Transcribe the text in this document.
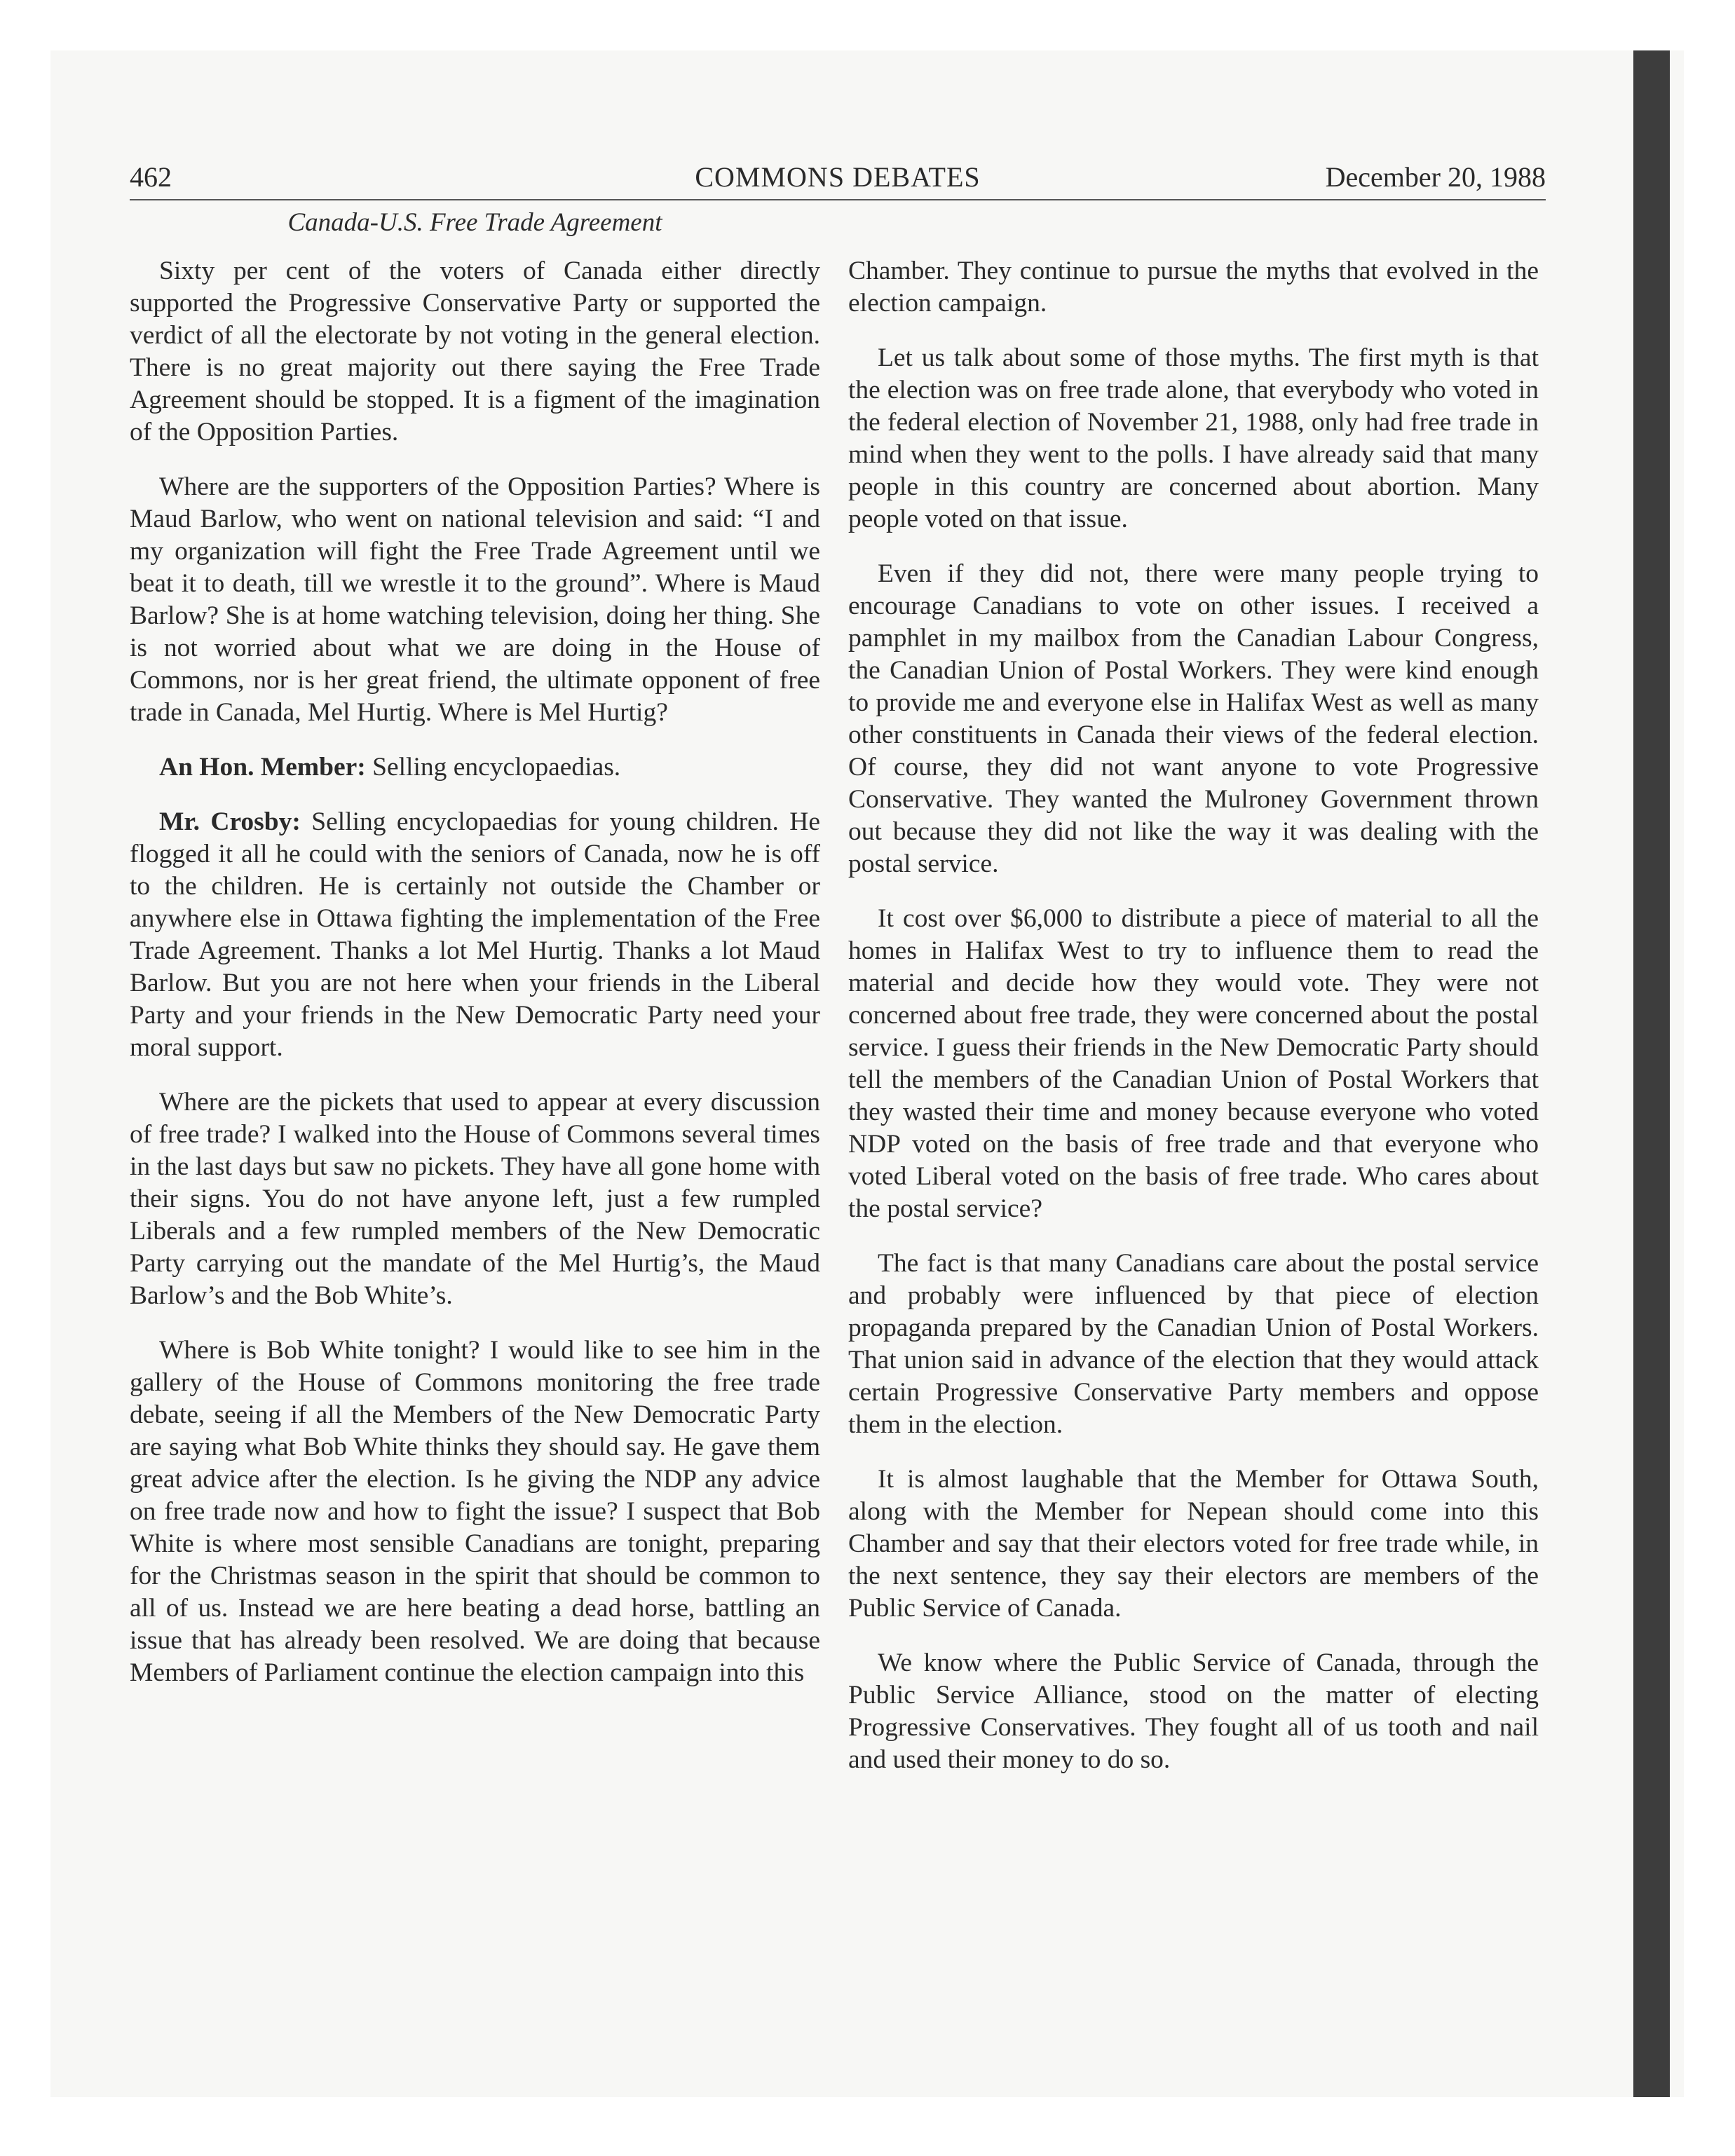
462	COMMONS DEBATES	December 20, 1988
Canada-U.S. Free Trade Agreement

Sixty per cent of the voters of Canada either directly supported the Progressive Conservative Party or supported the verdict of all the electorate by not voting in the general election. There is no great majority out there saying the Free Trade Agreement should be stopped. It is a figment of the imagination of the Opposition Parties.

Where are the supporters of the Opposition Parties? Where is Maud Barlow, who went on national television and said: “I and my organization will fight the Free Trade Agreement until we beat it to death, till we wrestle it to the ground”. Where is Maud Barlow? She is at home watching television, doing her thing. She is not worried about what we are doing in the House of Commons, nor is her great friend, the ultimate opponent of free trade in Canada, Mel Hurtig. Where is Mel Hurtig?

An Hon. Member: Selling encyclopaedias.

Mr. Crosby: Selling encyclopaedias for young children. He flogged it all he could with the seniors of Canada, now he is off to the children. He is certainly not outside the Chamber or anywhere else in Ottawa fighting the implementation of the Free Trade Agreement. Thanks a lot Mel Hurtig. Thanks a lot Maud Barlow. But you are not here when your friends in the Liberal Party and your friends in the New Democratic Party need your moral support.

Where are the pickets that used to appear at every discussion of free trade? I walked into the House of Commons several times in the last days but saw no pickets. They have all gone home with their signs. You do not have anyone left, just a few rumpled Liberals and a few rumpled members of the New Democratic Party carrying out the mandate of the Mel Hurtig’s, the Maud Barlow’s and the Bob White’s.

Where is Bob White tonight? I would like to see him in the gallery of the House of Commons monitoring the free trade debate, seeing if all the Members of the New Democratic Party are saying what Bob White thinks they should say. He gave them great advice after the election. Is he giving the NDP any advice on free trade now and how to fight the issue? I suspect that Bob White is where most sensible Canadians are tonight, preparing for the Christmas season in the spirit that should be common to all of us. Instead we are here beating a dead horse, battling an issue that has already been resolved. We are doing that because Members of Parliament continue the election campaign into this

Chamber. They continue to pursue the myths that evolved in the election campaign.

Let us talk about some of those myths. The first myth is that the election was on free trade alone, that everybody who voted in the federal election of November 21, 1988, only had free trade in mind when they went to the polls. I have already said that many people in this country are concerned about abortion. Many people voted on that issue.

Even if they did not, there were many people trying to encourage Canadians to vote on other issues. I received a pamphlet in my mailbox from the Canadian Labour Congress, the Canadian Union of Postal Workers. They were kind enough to provide me and everyone else in Halifax West as well as many other constituents in Canada their views of the federal election. Of course, they did not want anyone to vote Progressive Conservative. They wanted the Mulroney Government thrown out because they did not like the way it was dealing with the postal service.

It cost over $6,000 to distribute a piece of material to all the homes in Halifax West to try to influence them to read the material and decide how they would vote. They were not concerned about free trade, they were concerned about the postal service. I guess their friends in the New Democratic Party should tell the members of the Canadian Union of Postal Workers that they wasted their time and money because everyone who voted NDP voted on the basis of free trade and that everyone who voted Liberal voted on the basis of free trade. Who cares about the postal service?

The fact is that many Canadians care about the postal service and probably were influenced by that piece of election propaganda prepared by the Canadian Union of Postal Workers. That union said in advance of the election that they would attack certain Progressive Conservative Party members and oppose them in the election.

It is almost laughable that the Member for Ottawa South, along with the Member for Nepean should come into this Chamber and say that their electors voted for free trade while, in the next sentence, they say their electors are members of the Public Service of Canada.

We know where the Public Service of Canada, through the Public Service Alliance, stood on the matter of electing Progressive Conservatives. They fought all of us tooth and nail and used their money to do so.
